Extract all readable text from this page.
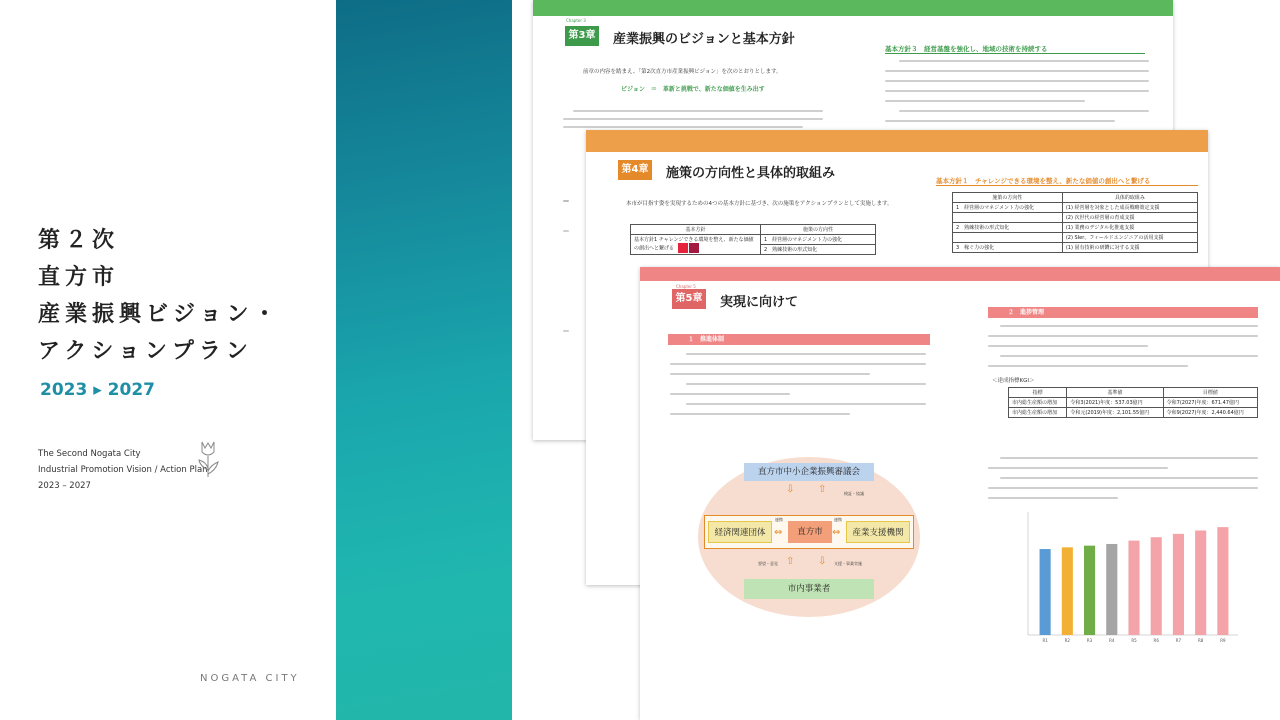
第２次
直方市
産業振興ビジョン・
アクションプラン
2023 ▸ 2027
The Second Nogata City
Industrial Promotion Vision / Action Plan
2023 – 2027
NOGATA CITY
Chapter 3
第3章 産業振興のビジョンと基本方針
前章の内容を踏まえ、「第2次直方市産業振興ビジョン」を次のとおりとします。
ビジョン　＝　革新と挑戦で、新たな価値を生み出す
基本方針３　経営基盤を強化し、地域の技術を持続する
Chapter 4
第4章 施策の方向性と具体的取組み
本市が目指す姿を実現するための4つの基本方針に基づき、次の施策をアクションプランとして実施します。
基本方針	施策の方向性
基本方針1 チャレンジできる環境を整え、新たな価値の創出へと繋げる	1　経営層のマネジメント力の強化
	2　熟練技術の形式知化
基本方針１　チャレンジできる環境を整え、新たな価値の創出へと繋げる
施策の方向性	具体的取組み
1　経営層のマネジメント力の強化	(1) 経営層を対象とした成長戦略策定支援
	(2) 次世代の経営層の育成支援
2　熟練技術の形式知化	(1) 業務のデジタル化推進支援
	(2) SIer、フィールドエンジニアの活用支援
3　稼ぐ力の強化	(1) 固有技術の研鑽に対する支援
Chapter 5
第5章 実現に向けて
１　推進体制
直方市中小企業振興審議会
⇩ ⇧	検証・協議
経済関連団体	直方市	産業支援機関
連携	連携
⇔	⇔
⇧ ⇩
要望・意見	支援・事業実施
市内事業者
２　進捗管理
＜達成指標KGI＞
指標	基準値	目標値
市内総生産額の増加	令和3(2021)年度：537.03億円	令和7(2027)年度：671.47億円
市内総生産額の増加	令和元(2019)年度：2,101.55億円	令和9(2027)年度：2,440.64億円
R1	R2	R3	R4	R5	R6	R7	R8	R9
